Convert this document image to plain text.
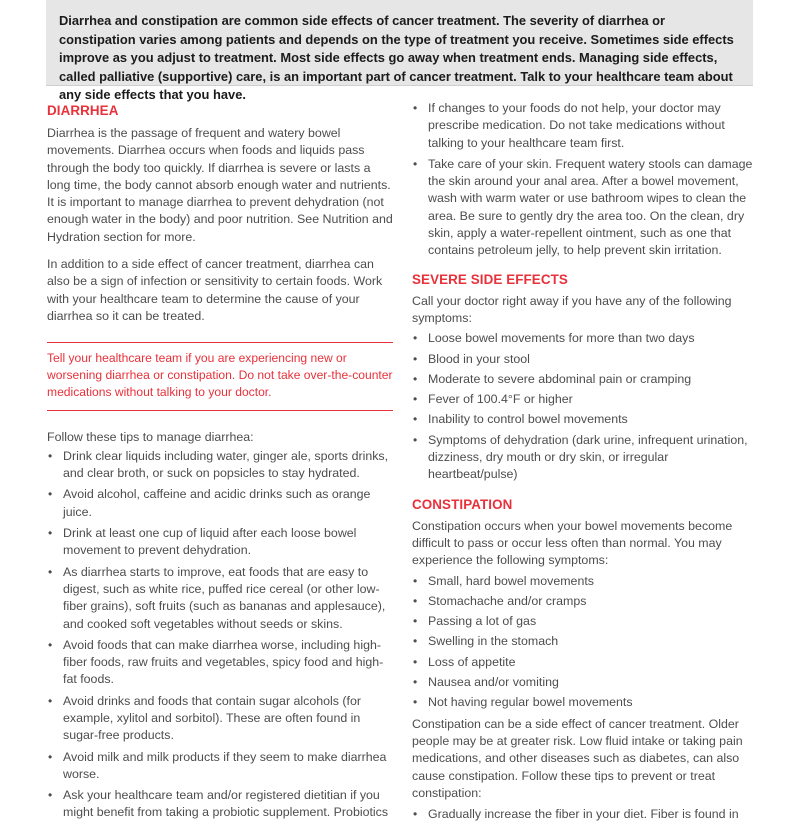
Diarrhea and constipation are common side effects of cancer treatment. The severity of diarrhea or constipation varies among patients and depends on the type of treatment you receive. Sometimes side effects improve as you adjust to treatment. Most side effects go away when treatment ends. Managing side effects, called palliative (supportive) care, is an important part of cancer treatment. Talk to your healthcare team about any side effects that you have.
DIARRHEA

Diarrhea is the passage of frequent and watery bowel movements. Diarrhea occurs when foods and liquids pass through the body too quickly. If diarrhea is severe or lasts a long time, the body cannot absorb enough water and nutrients. It is important to manage diarrhea to prevent dehydration (not enough water in the body) and poor nutrition. See Nutrition and Hydration section for more.

In addition to a side effect of cancer treatment, diarrhea can also be a sign of infection or sensitivity to certain foods. Work with your healthcare team to determine the cause of your diarrhea so it can be treated.

Tell your healthcare team if you are experiencing new or worsening diarrhea or constipation. Do not take over-the-counter medications without talking to your doctor.

Follow these tips to manage diarrhea:

• Drink clear liquids including water, ginger ale, sports drinks, and clear broth, or suck on popsicles to stay hydrated.
• Avoid alcohol, caffeine and acidic drinks such as orange juice.
• Drink at least one cup of liquid after each loose bowel movement to prevent dehydration.
• As diarrhea starts to improve, eat foods that are easy to digest, such as white rice, puffed rice cereal (or other low-fiber grains), soft fruits (such as bananas and applesauce), and cooked soft vegetables without seeds or skins.
• Avoid foods that can make diarrhea worse, including high-fiber foods, raw fruits and vegetables, spicy food and high-fat foods.
• Avoid drinks and foods that contain sugar alcohols (for example, xylitol and sorbitol). These are often found in sugar-free products.
• Avoid milk and milk products if they seem to make diarrhea worse.
• Ask your healthcare team and/or registered dietitian if you might benefit from taking a probiotic supplement. Probiotics
• If changes to your foods do not help, your doctor may prescribe medication. Do not take medications without talking to your healthcare team first.
• Take care of your skin. Frequent watery stools can damage the skin around your anal area. After a bowel movement, wash with warm water or use bathroom wipes to clean the area. Be sure to gently dry the area too. On the clean, dry skin, apply a water-repellent ointment, such as one that contains petroleum jelly, to help prevent skin irritation.
SEVERE SIDE EFFECTS

Call your doctor right away if you have any of the following symptoms:

• Loose bowel movements for more than two days
• Blood in your stool
• Moderate to severe abdominal pain or cramping
• Fever of 100.4°F or higher
• Inability to control bowel movements
• Symptoms of dehydration (dark urine, infrequent urination, dizziness, dry mouth or dry skin, or irregular heartbeat/pulse)
CONSTIPATION

Constipation occurs when your bowel movements become difficult to pass or occur less often than normal. You may experience the following symptoms:

• Small, hard bowel movements
• Stomachache and/or cramps
• Passing a lot of gas
• Swelling in the stomach
• Loss of appetite
• Nausea and/or vomiting
• Not having regular bowel movements

Constipation can be a side effect of cancer treatment. Older people may be at greater risk. Low fluid intake or taking pain medications, and other diseases such as diabetes, can also cause constipation. Follow these tips to prevent or treat constipation:

• Gradually increase the fiber in your diet. Fiber is found in
